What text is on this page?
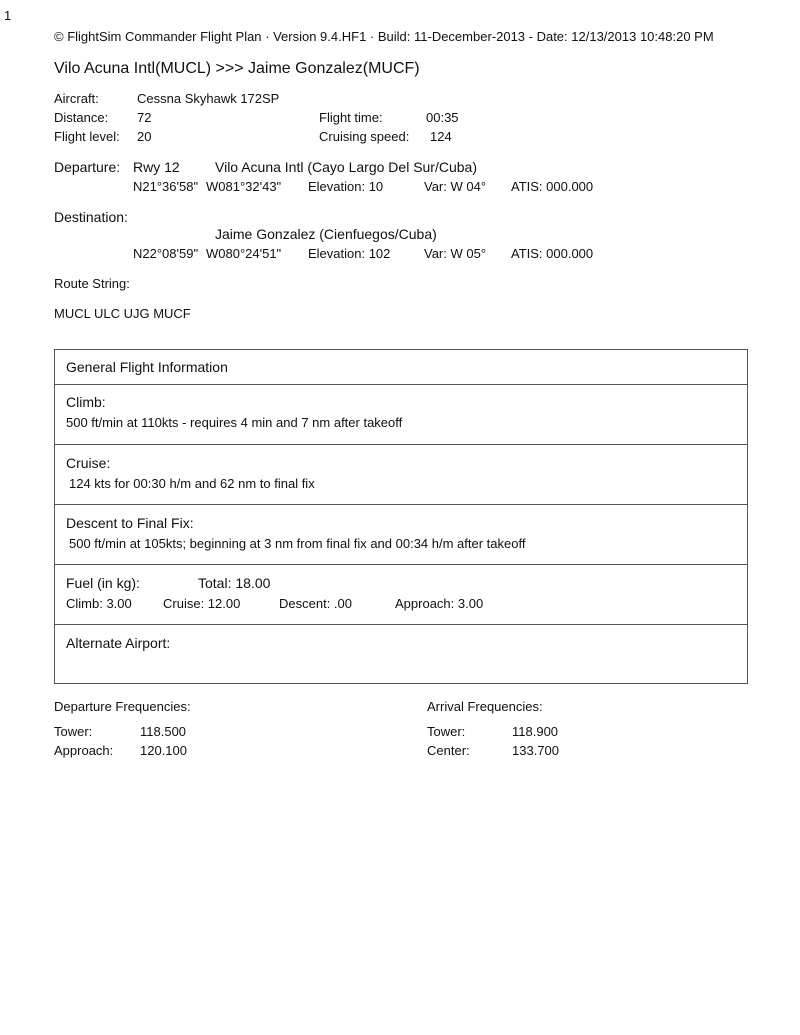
1
© FlightSim Commander Flight Plan · Version 9.4.HF1 · Build: 11-December-2013 - Date: 12/13/2013 10:48:20 PM
Vilo Acuna Intl(MUCL) >>> Jaime Gonzalez(MUCF)
Aircraft:	Cessna Skyhawk 172SP
Distance: 72	Flight time:	00:35
Flight level: 20	Cruising speed: 124
Departure: Rwy 12	Vilo Acuna Intl (Cayo Largo Del Sur/Cuba)
N21°36'58" W081°32'43" Elevation: 10	Var: W 04° ATIS: 000.000
Destination:
Jaime Gonzalez (Cienfuegos/Cuba)
N22°08'59" W080°24'51" Elevation: 102	Var: W 05° ATIS: 000.000
Route String:
MUCL ULC UJG MUCF
General Flight Information
Climb:
500 ft/min at 110kts - requires 4 min and 7 nm after takeoff
Cruise:
124 kts for 00:30 h/m and 62 nm to final fix
Descent to Final Fix:
500 ft/min at 105kts; beginning at 3 nm from final fix and 00:34 h/m after takeoff
Fuel (in kg):	Total: 18.00
Climb: 3.00 Cruise: 12.00	Descent: .00	Approach: 3.00
Alternate Airport:
Departure Frequencies:
Tower:	118.500
Approach: 120.100
Arrival Frequencies:
Tower:	118.900
Center:	133.700
